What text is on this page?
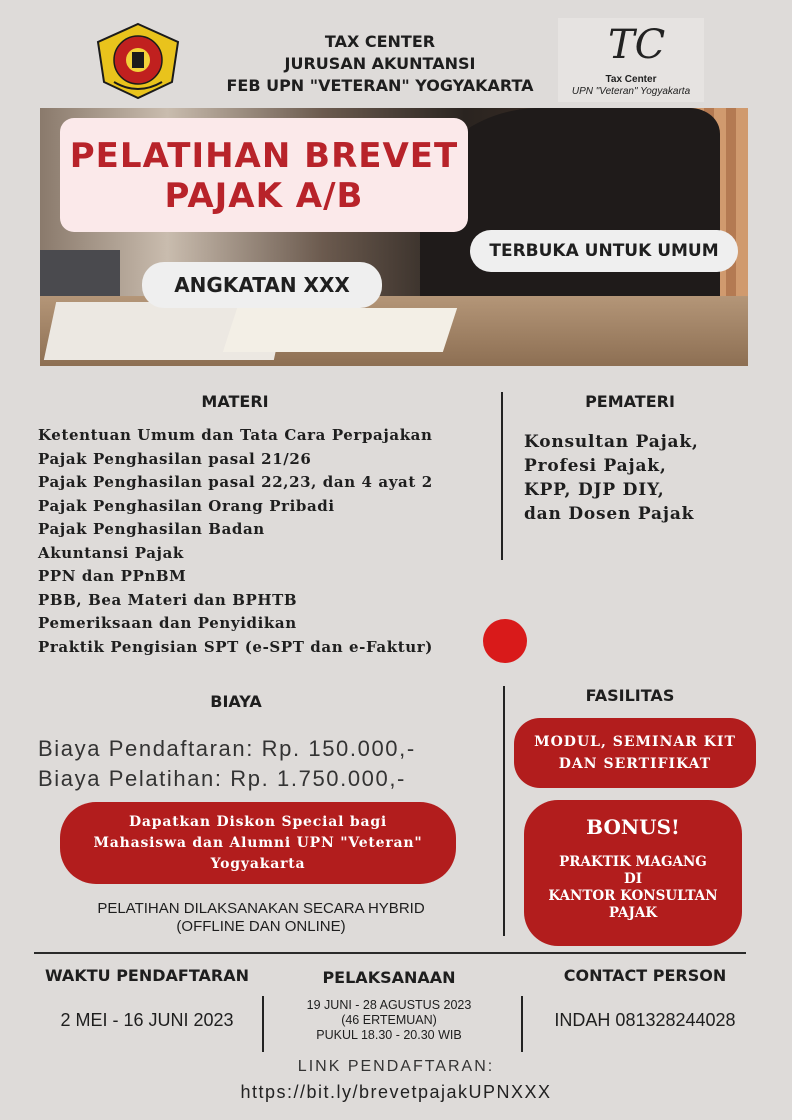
TAX CENTER
JURUSAN AKUNTANSI
FEB UPN "VETERAN" YOGYAKARTA
TC
Tax Center
UPN "Veteran" Yogyakarta
PELATIHAN BREVET
PAJAK A/B
TERBUKA UNTUK UMUM
ANGKATAN XXX
MATERI
Ketentuan Umum dan Tata Cara Perpajakan
Pajak Penghasilan pasal 21/26
Pajak Penghasilan pasal 22,23, dan 4 ayat 2
Pajak Penghasilan Orang Pribadi
Pajak Penghasilan Badan
Akuntansi Pajak
PPN dan PPnBM
PBB, Bea Materi dan BPHTB
Pemeriksaan dan Penyidikan
Praktik Pengisian SPT (e-SPT dan e-Faktur)
PEMATERI
Konsultan Pajak,
Profesi Pajak,
KPP, DJP DIY,
dan Dosen Pajak
BIAYA
Biaya Pendaftaran: Rp. 150.000,-
Biaya Pelatihan: Rp. 1.750.000,-
Dapatkan Diskon Special bagi
Mahasiswa dan Alumni UPN "Veteran"
Yogyakarta
PELATIHAN DILAKSANAKAN SECARA HYBRID
(OFFLINE DAN ONLINE)
FASILITAS
MODUL, SEMINAR KIT
DAN SERTIFIKAT
BONUS!
PRAKTIK MAGANG
DI
KANTOR KONSULTAN
PAJAK
WAKTU PENDAFTARAN
2 MEI - 16 JUNI 2023
PELAKSANAAN
19 JUNI - 28 AGUSTUS 2023
(46 ERTEMUAN)
PUKUL 18.30 - 20.30 WIB
CONTACT PERSON
INDAH 081328244028
LINK PENDAFTARAN:
https://bit.ly/brevetpajakUPNXXX
